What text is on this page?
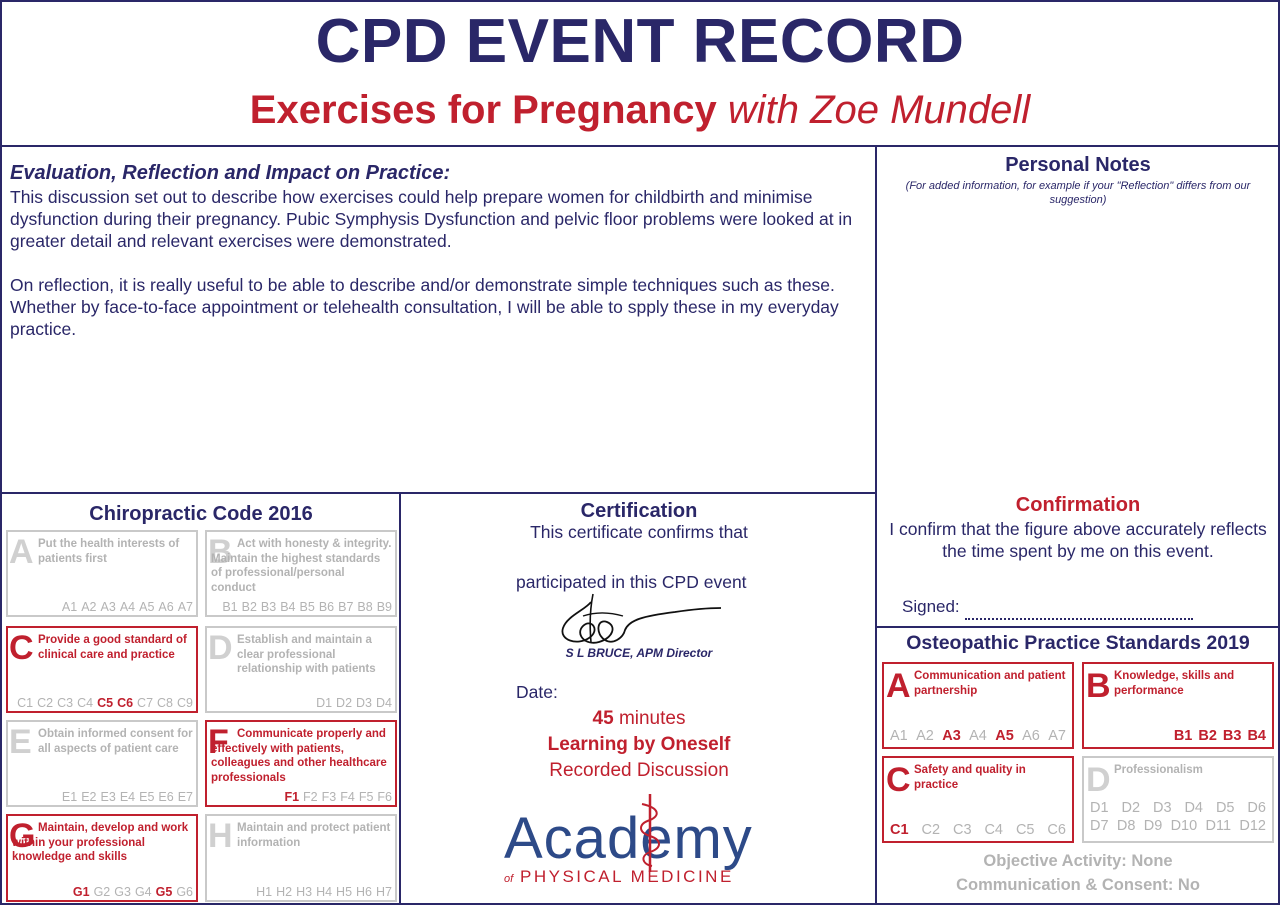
CPD EVENT RECORD
Exercises for Pregnancy with Zoe Mundell
Evaluation, Reflection and Impact on Practice:

This discussion set out to describe how exercises could help prepare women for childbirth and minimise dysfunction during their pregnancy. Pubic Symphysis Dysfunction and pelvic floor problems were looked at in greater detail and relevant exercises were demonstrated.

On reflection, it is really useful to be able to describe and/or demonstrate simple techniques such as these. Whether by face-to-face appointment or telehealth consultation, I will be able to spply these in my everyday practice.

Personal Notes
(For added information, for example if your "Reflection" differs from our suggestion)
Chiropractic Code 2016
A Put the health interests of patients first
A1 A2 A3 A4 A5 A6 A7
B Act with honesty & integrity. Maintain the highest standards of professional/personal conduct
B1 B2 B3 B4 B5 B6 B7 B8 B9
C Provide a good standard of clinical care and practice
C1 C2 C3 C4 C5 C6 C7 C8 C9
D Establish and maintain a clear professional relationship with patients
D1 D2 D3 D4
E Obtain informed consent for all aspects of patient care
E1 E2 E3 E4 E5 E6 E7
F Communicate properly and effectively with patients, colleagues and other healthcare professionals
F1 F2 F3 F4 F5 F6
G Maintain, develop and work within your professional knowledge and skills
G1 G2 G3 G4 G5 G6
H Maintain and protect patient information
H1 H2 H3 H4 H5 H6 H7
Certification
This certificate confirms that
participated in this CPD event
S L BRUCE, APM Director
Date:
45 minutes
Learning by Oneself
Recorded Discussion
Academy
of PHYSICAL MEDICINE
Confirmation
I confirm that the figure above accurately reflects the time spent by me on this event.
Signed:
Osteopathic Practice Standards 2019
A Communication and patient partnership
A1 A2 A3 A4 A5 A6 A7
B Knowledge, skills and performance
B1 B2 B3 B4
C Safety and quality in practice
C1 C2 C3 C4 C5 C6
D Professionalism
D1 D2 D3 D4 D5 D6
D7 D8 D9 D10 D11 D12
Objective Activity: None
Communication & Consent: No
